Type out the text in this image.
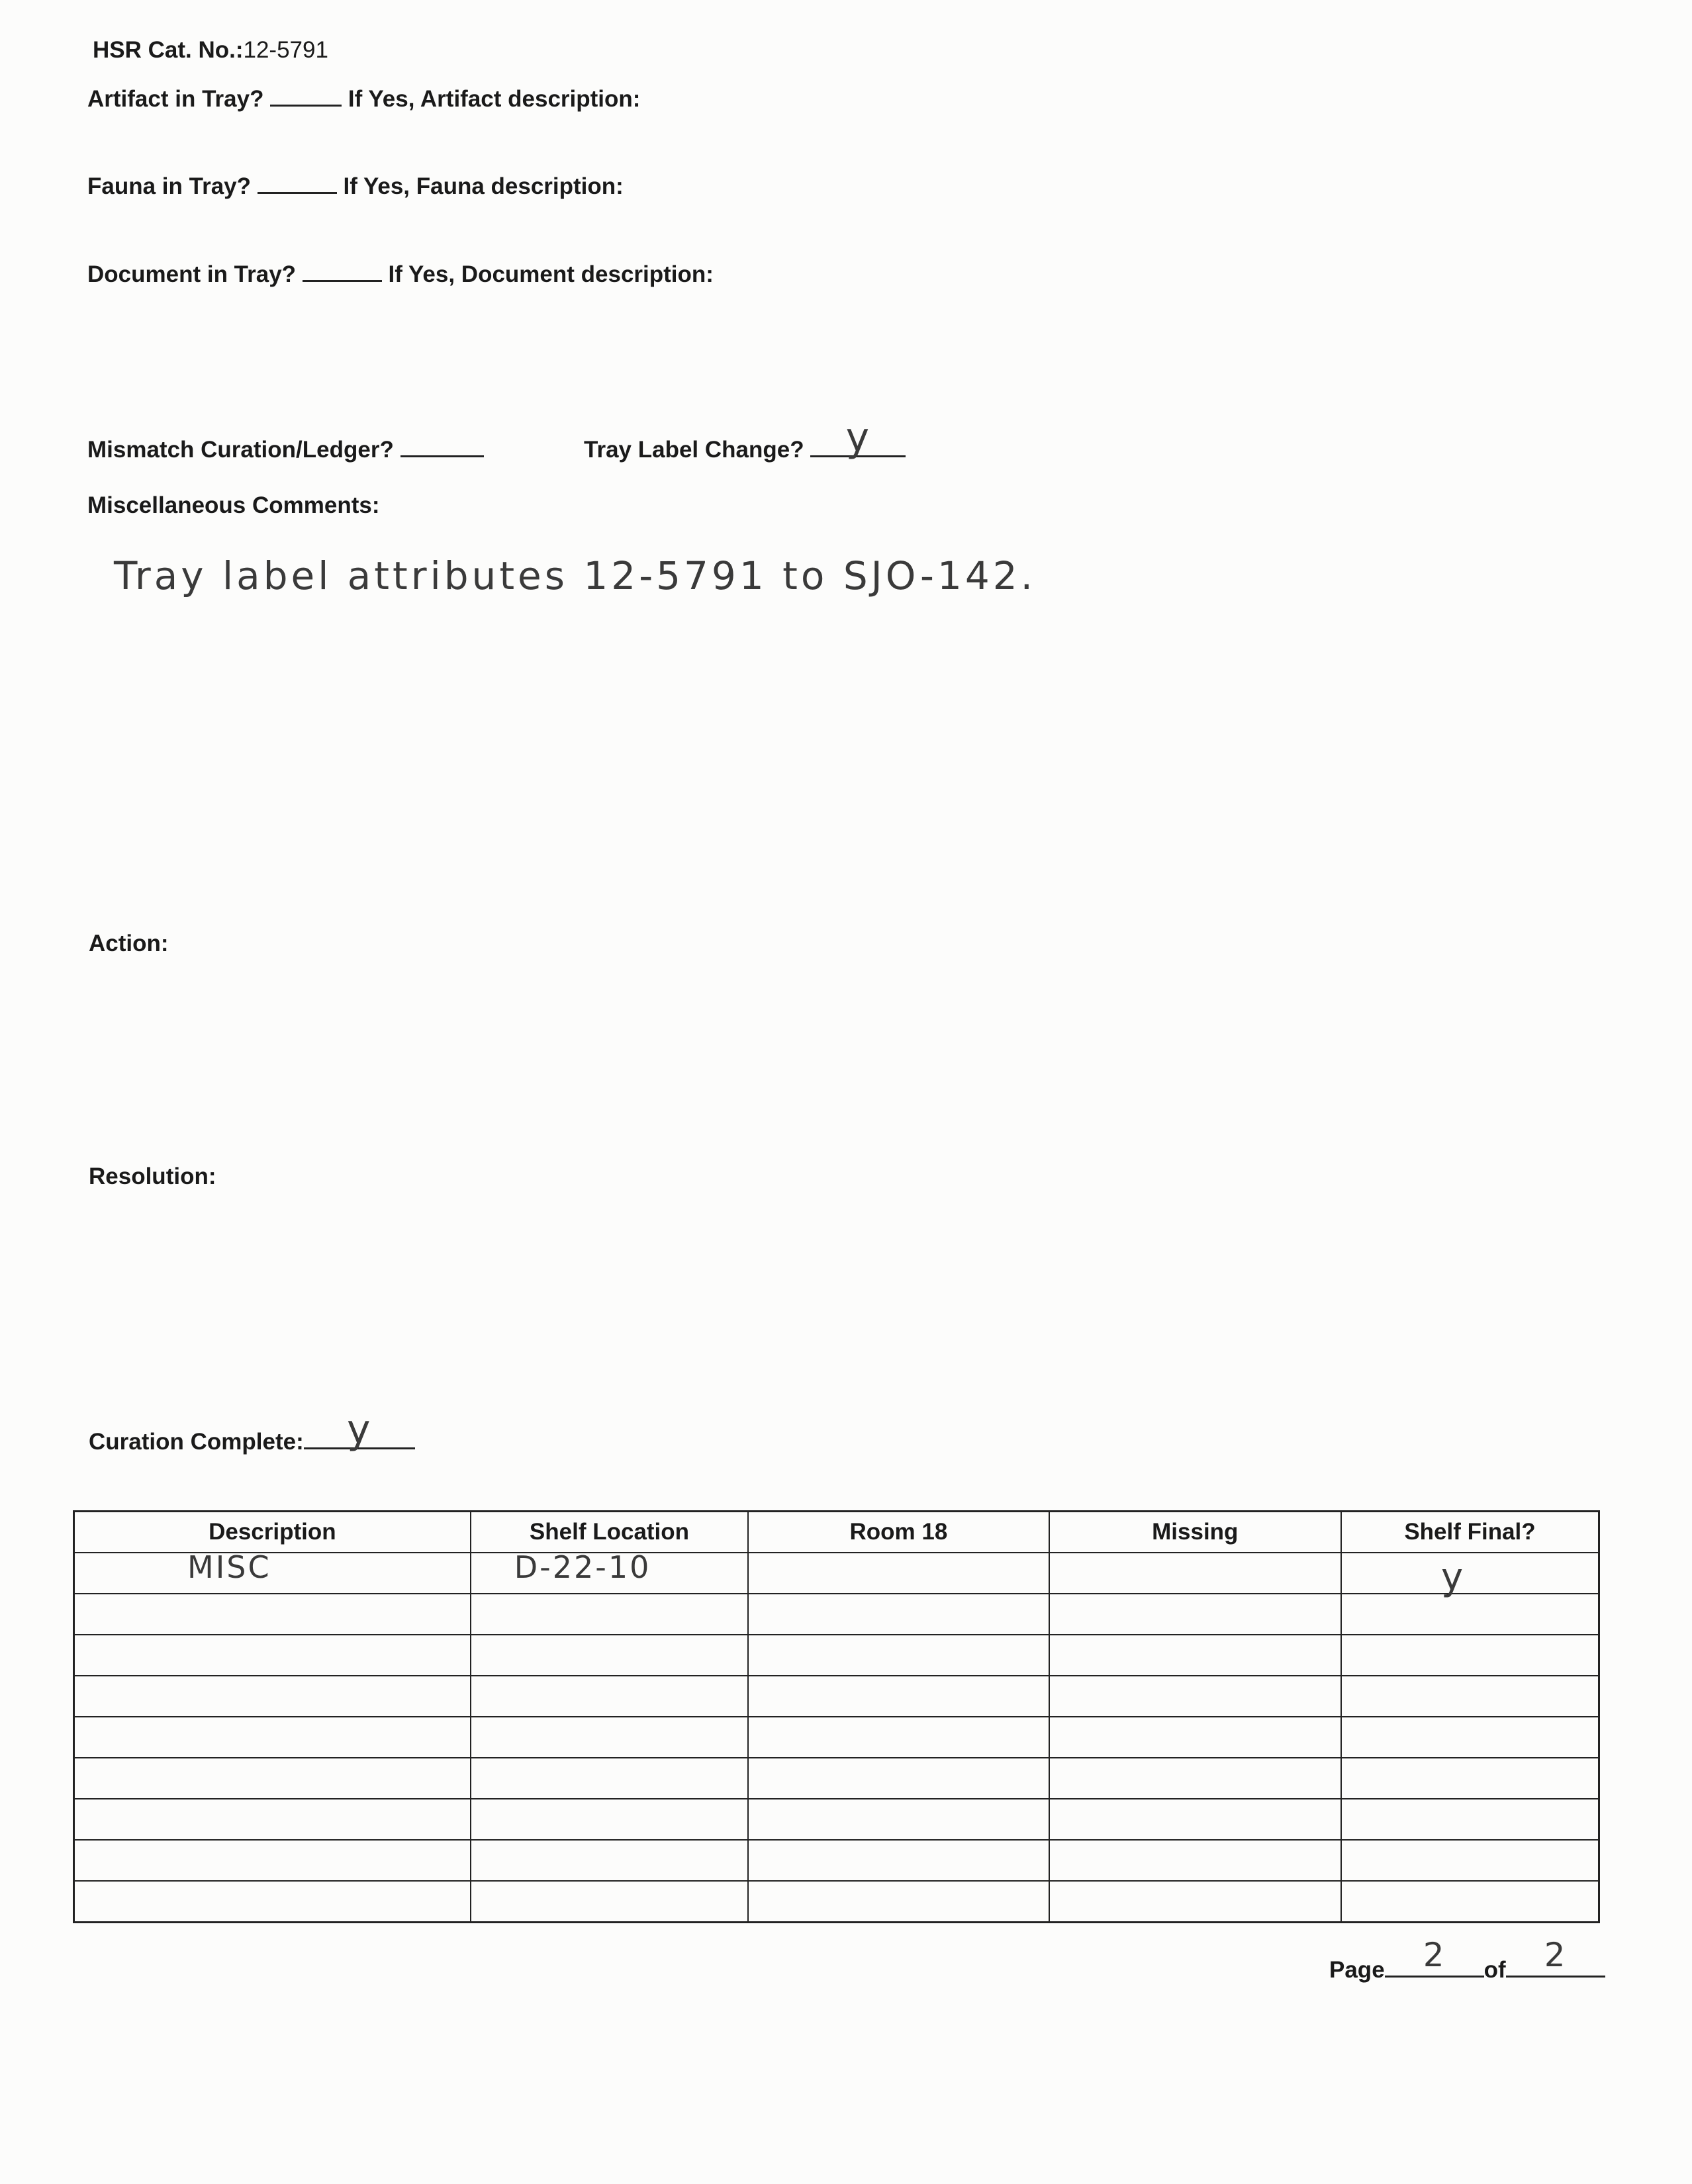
HSR Cat. No.:12-5791
Artifact in Tray?	If Yes, Artifact description:
Fauna in Tray?	If Yes, Fauna description:
Document in Tray?	If Yes, Document description:
Mismatch Curation/Ledger?	Tray Label Change?	y
Miscellaneous Comments:
Tray label attributes 12-5791 to SJO-142.
Action:
Resolution:
Curation Complete:	y
Description	Shelf Location	Room 18	Missing	Shelf Final?

MISC	D-22-10			y

Page	2	of	2
